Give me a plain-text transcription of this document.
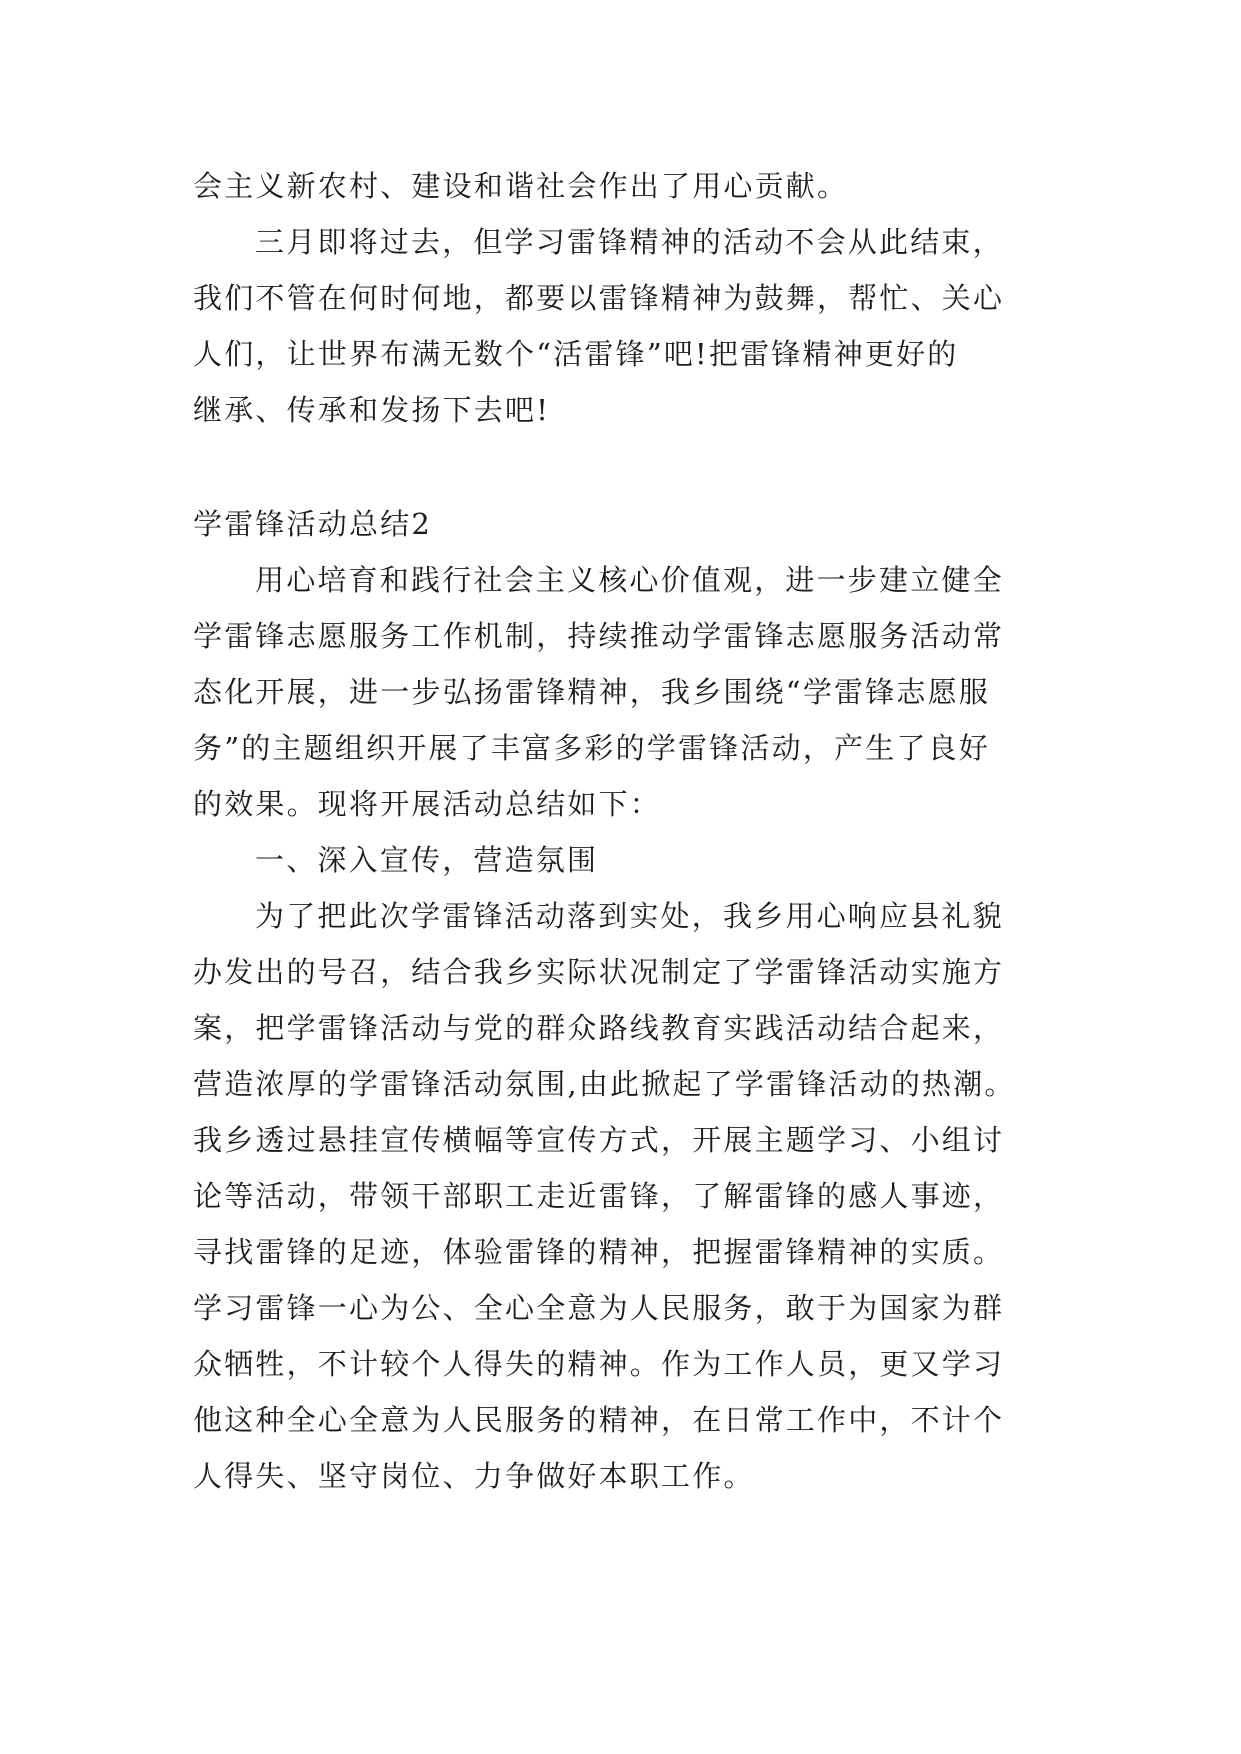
会主义新农村、建设和谐社会作出了用心贡献。
三月即将过去，但学习雷锋精神的活动不会从此结束，
我们不管在何时何地，都要以雷锋精神为鼓舞，帮忙、关心
人们，让世界布满无数个“活雷锋”吧!把雷锋精神更好的
继承、传承和发扬下去吧!
学雷锋活动总结2
用心培育和践行社会主义核心价值观，进一步建立健全
学雷锋志愿服务工作机制，持续推动学雷锋志愿服务活动常
态化开展，进一步弘扬雷锋精神，我乡围绕“学雷锋志愿服
务”的主题组织开展了丰富多彩的学雷锋活动，产生了良好
的效果。现将开展活动总结如下：
一、深入宣传，营造氛围
为了把此次学雷锋活动落到实处，我乡用心响应县礼貌
办发出的号召，结合我乡实际状况制定了学雷锋活动实施方
案，把学雷锋活动与党的群众路线教育实践活动结合起来，
营造浓厚的学雷锋活动氛围,由此掀起了学雷锋活动的热潮。
我乡透过悬挂宣传横幅等宣传方式，开展主题学习、小组讨
论等活动，带领干部职工走近雷锋，了解雷锋的感人事迹，
寻找雷锋的足迹，体验雷锋的精神，把握雷锋精神的实质。
学习雷锋一心为公、全心全意为人民服务，敢于为国家为群
众牺牲，不计较个人得失的精神。作为工作人员，更又学习
他这种全心全意为人民服务的精神，在日常工作中，不计个
人得失、坚守岗位、力争做好本职工作。
